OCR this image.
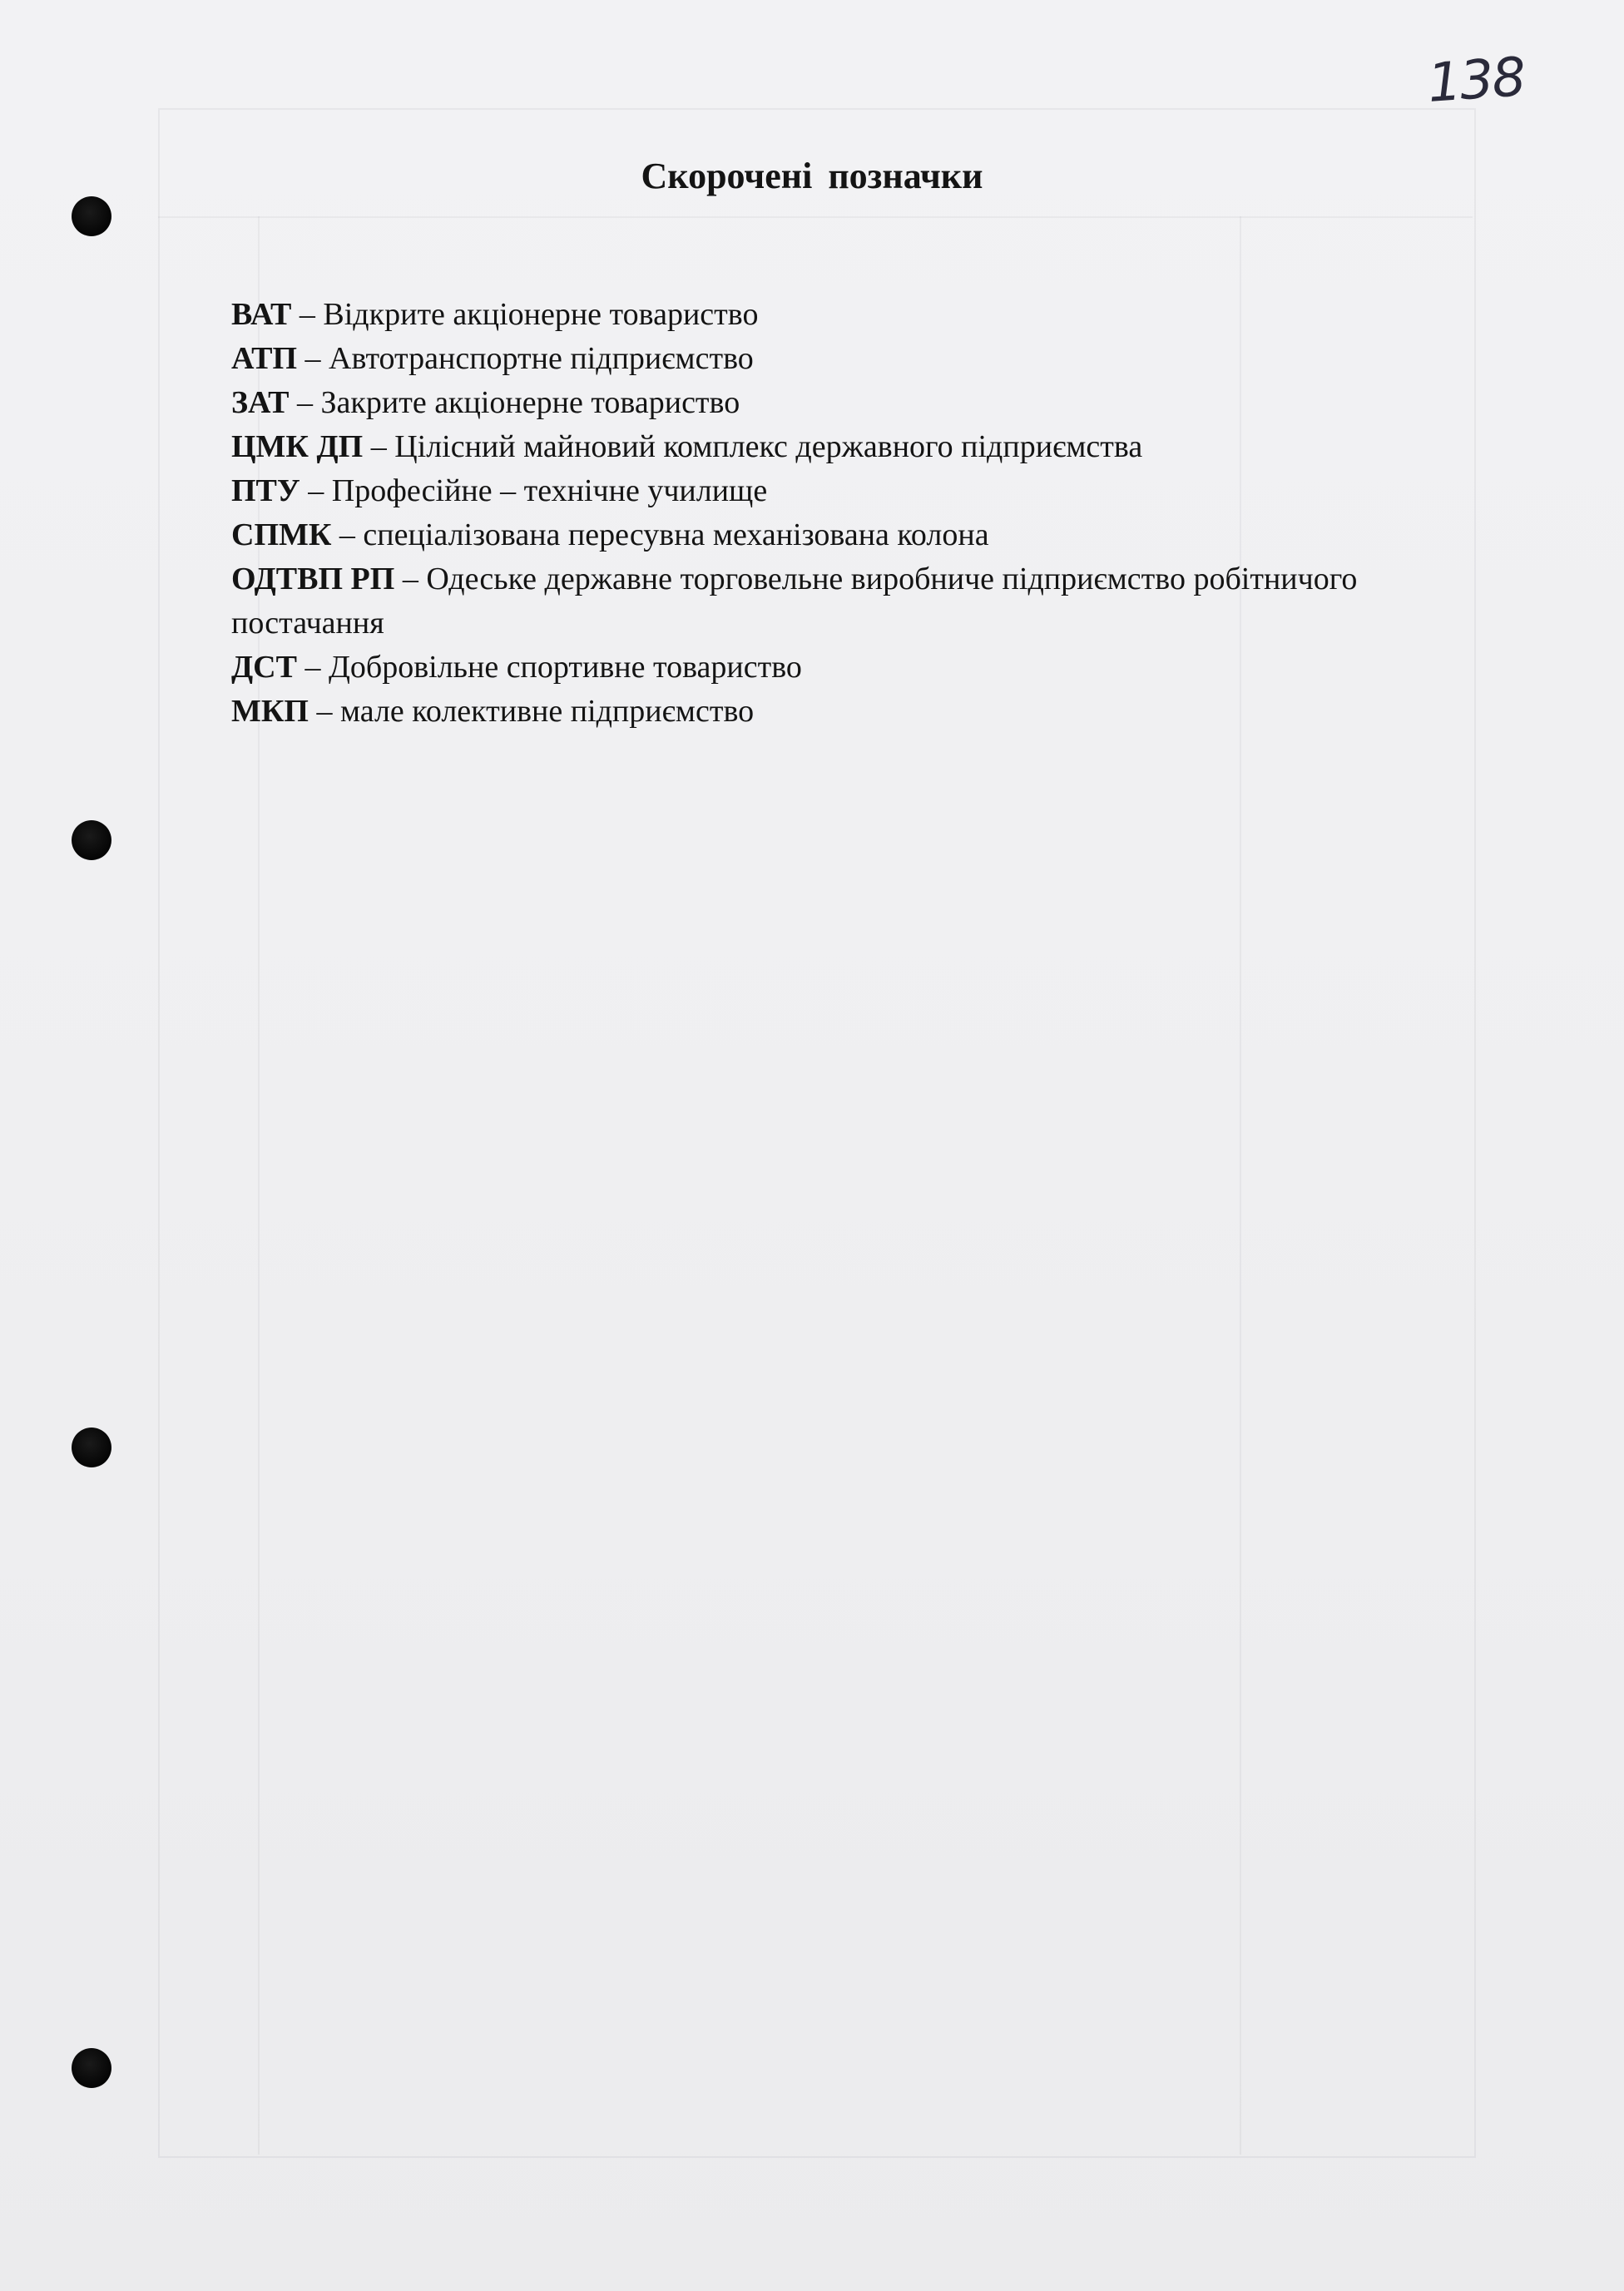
138
Скорочені позначки
ВАТ – Відкрите акціонерне товариство
АТП – Автотранспортне підприємство
ЗАТ – Закрите акціонерне товариство
ЦМК ДП – Цілісний майновий комплекс державного підприємства
ПТУ – Професійне – технічне училище
СПМК – спеціалізована пересувна механізована колона
ОДТВП РП – Одеське державне торговельне виробниче підприємство робітничого постачання
ДСТ – Добровільне спортивне товариство
МКП – мале колективне підприємство
